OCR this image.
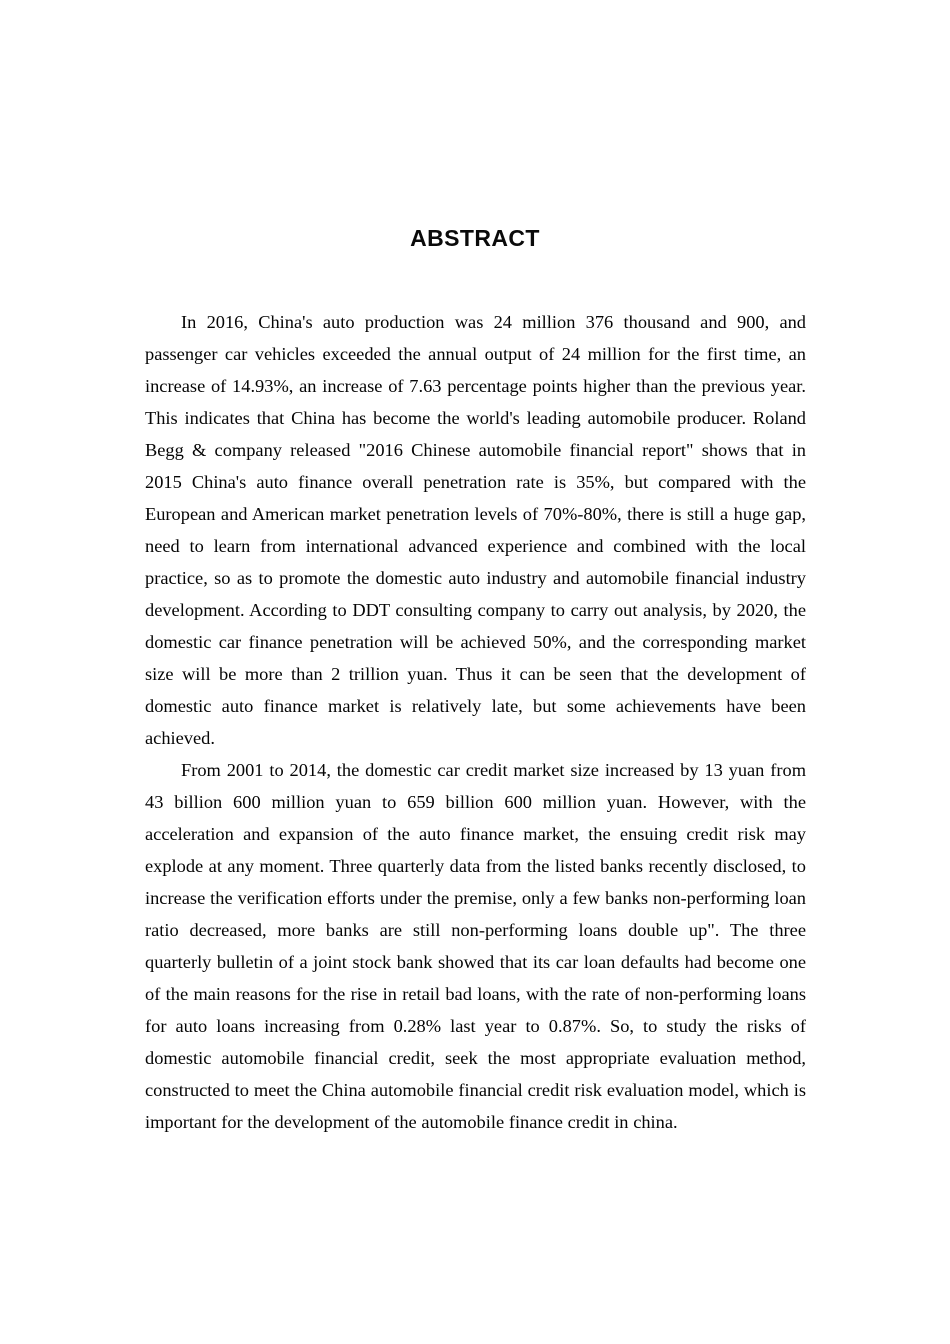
ABSTRACT

In 2016, China's auto production was 24 million 376 thousand and 900, and passenger car vehicles exceeded the annual output of 24 million for the first time, an increase of 14.93%, an increase of 7.63 percentage points higher than the previous year. This indicates that China has become the world's leading automobile producer. Roland Begg & company released "2016 Chinese automobile financial report" shows that in 2015 China's auto finance overall penetration rate is 35%, but compared with the European and American market penetration levels of 70%-80%, there is still a huge gap, need to learn from international advanced experience and combined with the local practice, so as to promote the domestic auto industry and automobile financial industry development. According to DDT consulting company to carry out analysis, by 2020, the domestic car finance penetration will be achieved 50%, and the corresponding market size will be more than 2 trillion yuan. Thus it can be seen that the development of domestic auto finance market is relatively late, but some achievements have been achieved.

From 2001 to 2014, the domestic car credit market size increased by 13 yuan from 43 billion 600 million yuan to 659 billion 600 million yuan. However, with the acceleration and expansion of the auto finance market, the ensuing credit risk may explode at any moment. Three quarterly data from the listed banks recently disclosed, to increase the verification efforts under the premise, only a few banks non-performing loan ratio decreased, more banks are still non-performing loans double up". The three quarterly bulletin of a joint stock bank showed that its car loan defaults had become one of the main reasons for the rise in retail bad loans, with the rate of non-performing loans for auto loans increasing from 0.28% last year to 0.87%. So, to study the risks of domestic automobile financial credit, seek the most appropriate evaluation method, constructed to meet the China automobile financial credit risk evaluation model, which is important for the development of the automobile finance credit in china.
